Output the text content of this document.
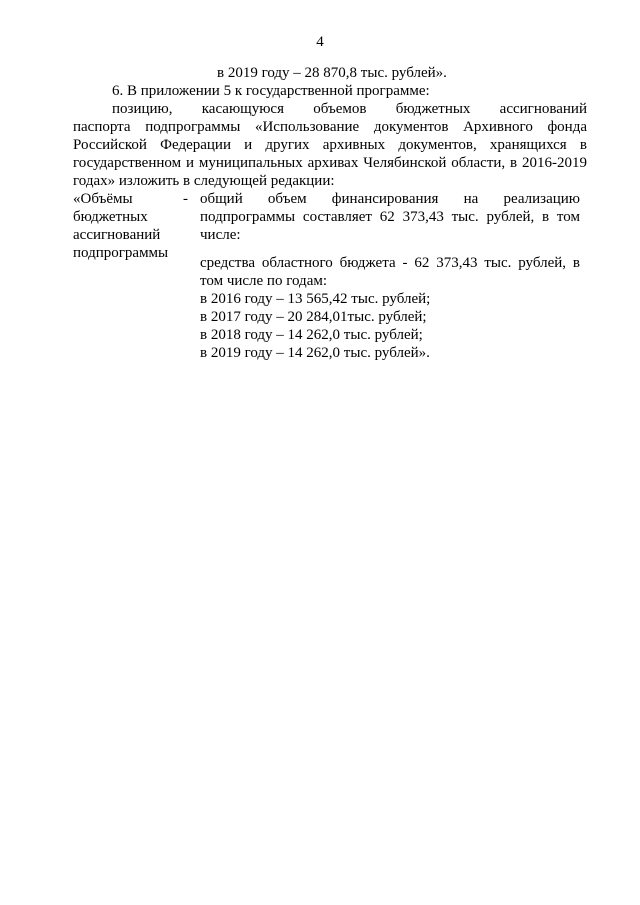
4
в 2019 году – 28 870,8 тыс. рублей».
6. В приложении 5 к государственной программе:
позицию, касающуюся объемов бюджетных ассигнований
паспорта подпрограммы «Использование документов Архивного фонда
Российской Федерации и других архивных документов, хранящихся в
государственном и муниципальных архивах Челябинской области, в 2016-2019
годах» изложить в следующей редакции:
«Объёмы
бюджетных
ассигнований
подпрограммы
- общий объем финансирования на реализацию
подпрограммы составляет 62 373,43 тыс. рублей, в том
числе:
средства областного бюджета - 62 373,43 тыс. рублей, в
том числе по годам:
в 2016 году – 13 565,42 тыс. рублей;
в 2017 году – 20 284,01тыс. рублей;
в 2018 году – 14 262,0 тыс. рублей;
в 2019 году – 14 262,0 тыс. рублей».
